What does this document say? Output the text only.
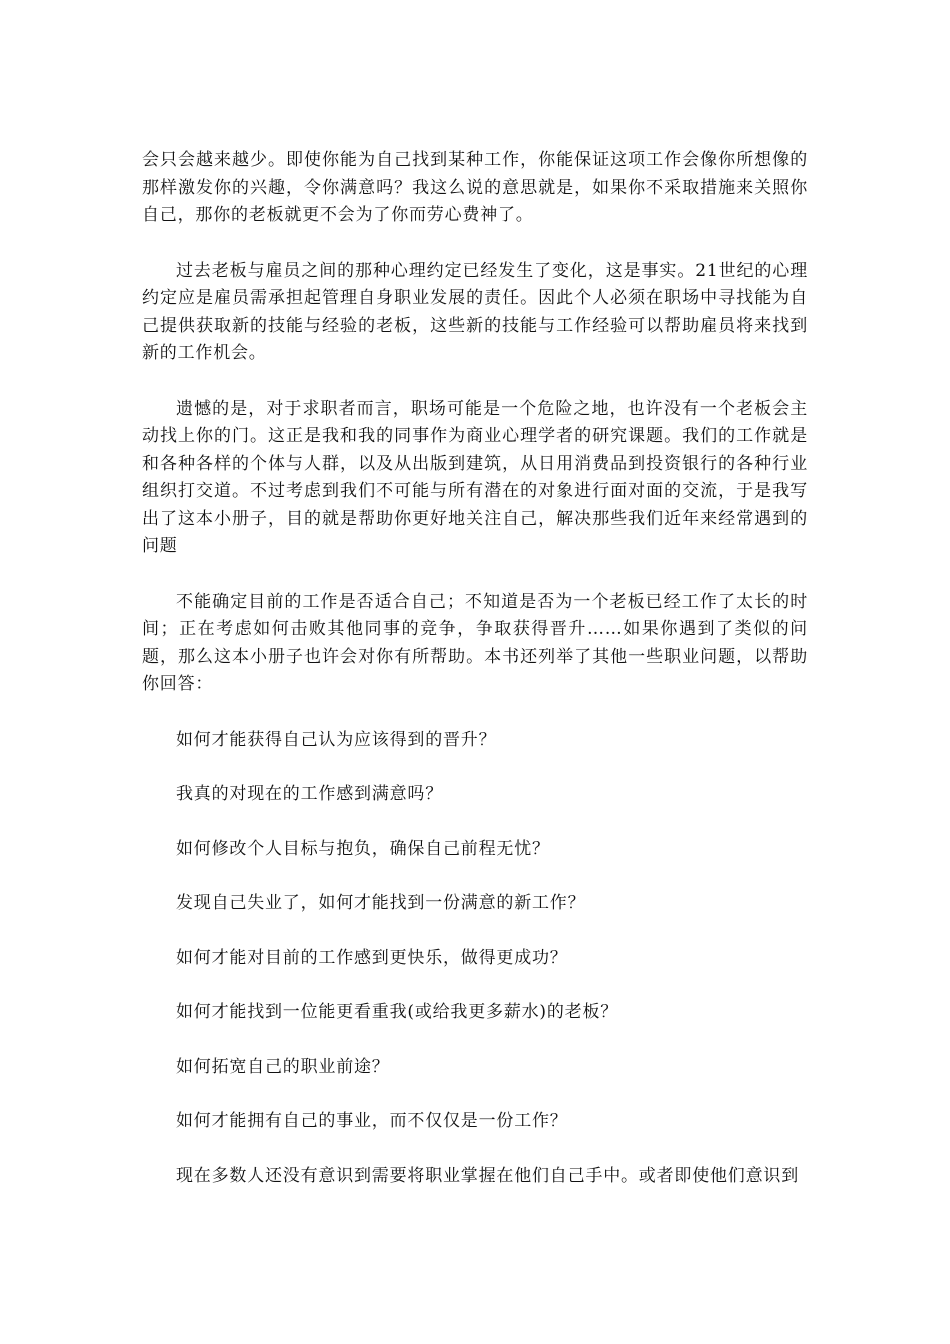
会只会越来越少。即使你能为自己找到某种工作，你能保证这项工作会像你所想像的那样激发你的兴趣，令你满意吗？我这么说的意思就是，如果你不采取措施来关照你自己，那你的老板就更不会为了你而劳心费神了。

过去老板与雇员之间的那种心理约定已经发生了变化，这是事实。21世纪的心理约定应是雇员需承担起管理自身职业发展的责任。因此个人必须在职场中寻找能为自己提供获取新的技能与经验的老板，这些新的技能与工作经验可以帮助雇员将来找到新的工作机会。

遗憾的是，对于求职者而言，职场可能是一个危险之地，也许没有一个老板会主动找上你的门。这正是我和我的同事作为商业心理学者的研究课题。我们的工作就是和各种各样的个体与人群，以及从出版到建筑，从日用消费品到投资银行的各种行业组织打交道。不过考虑到我们不可能与所有潜在的对象进行面对面的交流，于是我写出了这本小册子，目的就是帮助你更好地关注自己，解决那些我们近年来经常遇到的问题

不能确定目前的工作是否适合自己；不知道是否为一个老板已经工作了太长的时间；正在考虑如何击败其他同事的竞争，争取获得晋升……如果你遇到了类似的问题，那么这本小册子也许会对你有所帮助。本书还列举了其他一些职业问题，以帮助你回答：

如何才能获得自己认为应该得到的晋升？

我真的对现在的工作感到满意吗？

如何修改个人目标与抱负，确保自己前程无忧？

发现自己失业了，如何才能找到一份满意的新工作？

如何才能对目前的工作感到更快乐，做得更成功？

如何才能找到一位能更看重我(或给我更多薪水)的老板？

如何拓宽自己的职业前途？

如何才能拥有自己的事业，而不仅仅是一份工作？

现在多数人还没有意识到需要将职业掌握在他们自己手中。或者即使他们意识到
